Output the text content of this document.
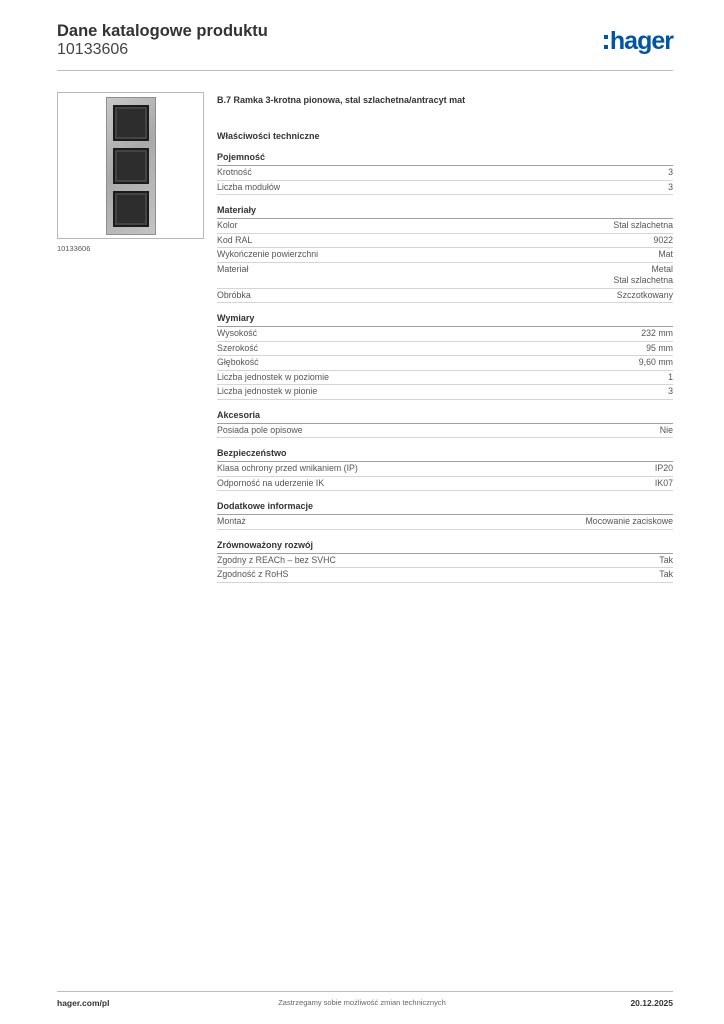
Dane katalogowe produktu
10133606	hager
10133606
B.7 Ramka 3-krotna pionowa, stal szlachetna/antracyt mat
Właściwości techniczne
Pojemność
Krotność	3
Liczba modułów	3
Materiały
Kolor	Stal szlachetna
Kod RAL	9022
Wykończenie powierzchni	Mat
Materiał	Metal
Stal szlachetna
Obróbka	Szczotkowany
Wymiary
Wysokość	232 mm
Szerokość	95 mm
Głębokość	9,60 mm
Liczba jednostek w poziomie	1
Liczba jednostek w pionie	3
Akcesoria
Posiada pole opisowe	Nie
Bezpieczeństwo
Klasa ochrony przed wnikaniem (IP)	IP20
Odporność na uderzenie IK	IK07
Dodatkowe informacje
Montaż	Mocowanie zaciskowe
Zrównoważony rozwój
Zgodny z REACh – bez SVHC	Tak
Zgodność z RoHS	Tak
hager.com/pl	Zastrzegamy sobie możliwość zmian technicznych	20.12.2025
